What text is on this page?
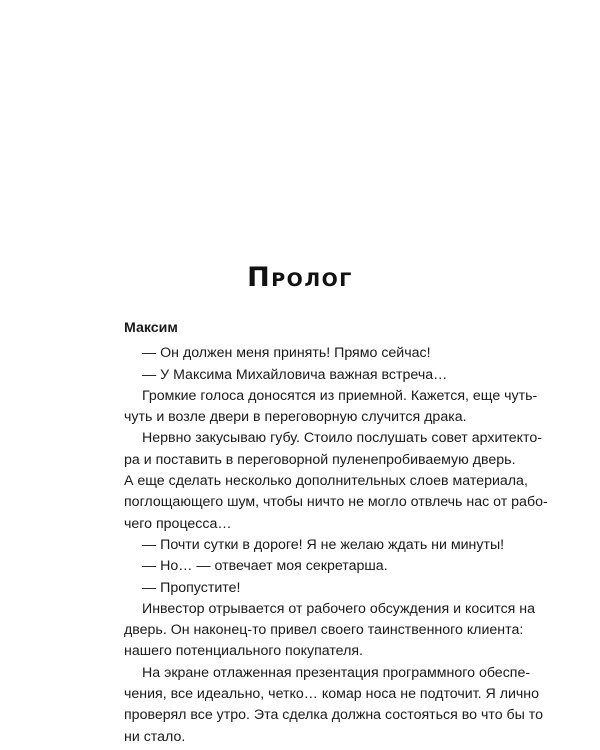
Пролог
Максим
— Он должен меня принять! Прямо сейчас!
— У Максима Михайловича важная встреча…
Громкие голоса доносятся из приемной. Кажется, еще чуть-
чуть и возле двери в переговорную случится драка.
Нервно закусываю губу. Стоило послушать совет архитекто-
ра и поставить в переговорной пуленепробиваемую дверь.
А еще сделать несколько дополнительных слоев материала,
поглощающего шум, чтобы ничто не могло отвлечь нас от рабо-
чего процесса…
— Почти сутки в дороге! Я не желаю ждать ни минуты!
— Но… — отвечает моя секретарша.
— Пропустите!
Инвестор отрывается от рабочего обсуждения и косится на
дверь. Он наконец-то привел своего таинственного клиента:
нашего потенциального покупателя.
На экране отлаженная презентация программного обеспе-
чения, все идеально, четко… комар носа не подточит. Я лично
проверял все утро. Эта сделка должна состояться во что бы то
ни стало.
